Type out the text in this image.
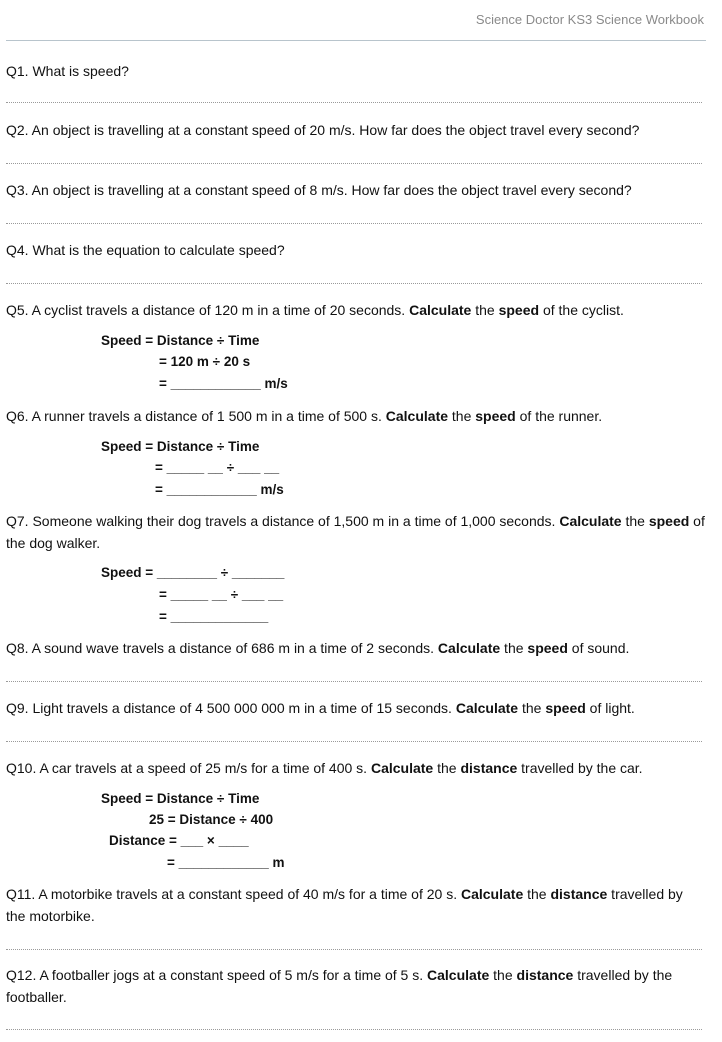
Science Doctor KS3 Science Workbook
Q1. What is speed?
Q2. An object is travelling at a constant speed of 20 m/s. How far does the object travel every second?
Q3. An object is travelling at a constant speed of 8 m/s. How far does the object travel every second?
Q4. What is the equation to calculate speed?
Q5. A cyclist travels a distance of 120 m in a time of 20 seconds. Calculate the speed of the cyclist.
Speed = Distance ÷ Time
= 120 m ÷ 20 s
= ____________ m/s
Q6. A runner travels a distance of 1 500 m in a time of 500 s. Calculate the speed of the runner.
Speed = Distance ÷ Time
= _____ __ ÷ ___ __
= ____________ m/s
Q7. Someone walking their dog travels a distance of 1,500 m in a time of 1,000 seconds. Calculate the speed of the dog walker.
Speed = ________ ÷ _______
= _____ __ ÷ ___ __
= _____________
Q8. A sound wave travels a distance of 686 m in a time of 2 seconds. Calculate the speed of sound.
Q9. Light travels a distance of 4 500 000 000 m in a time of 15 seconds. Calculate the speed of light.
Q10. A car travels at a speed of 25 m/s for a time of 400 s. Calculate the distance travelled by the car.
Speed = Distance ÷ Time
25 = Distance ÷ 400
Distance = ___ × ____
= ____________ m
Q11. A motorbike travels at a constant speed of 40 m/s for a time of 20 s. Calculate the distance travelled by the motorbike.
Q12. A footballer jogs at a constant speed of 5 m/s for a time of 5 s. Calculate the distance travelled by the footballer.
